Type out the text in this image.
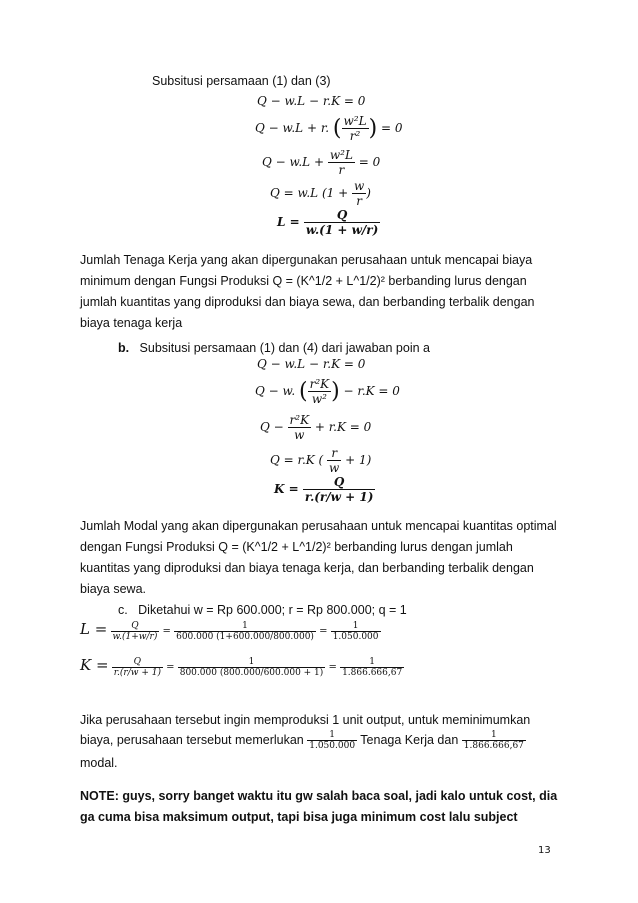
Subsitusi persamaan (1) dan (3)
Q − w.L − r.K = 0
Q − w.L + r. ( $\frac{\text{w²L}}{\text{r²}}$ ) = 0
$Q - w.L + \frac{\text{w²L}}{r} = 0$
Q = w.L ($1 + \frac{w}{r}$ )
$L = \frac{Q}{w.(1 + w/r)}$
Jumlah Tenaga Kerja yang akan dipergunakan perusahaan untuk mencapai biaya minimum dengan Fungsi Produksi Q = (K^1/2 + L^1/2)² berbanding lurus dengan jumlah kuantitas yang diproduksi dan biaya sewa, dan berbanding terbalik dengan biaya tenaga kerja
b. Subsitusi persamaan (1) dan (4) dari jawaban poin a
Q − w.L − r.K = 0
Q − w. ( $\frac{\text{r²K}}{\text{w²}}$ ) − r.K = 0
$Q - \frac{\text{r²K}}{w} + r.K = 0$
Q = r.K ( $\frac{r}{w} + 1$)
$K = \frac{Q}{r.(r/w + 1)}$
Jumlah Modal yang akan dipergunakan perusahaan untuk mencapai kuantitas optimal dengan Fungsi Produksi Q = (K^1/2 + L^1/2)² berbanding lurus dengan jumlah kuantitas yang diproduksi dan biaya tenaga kerja, dan berbanding terbalik dengan biaya sewa.
c. Diketahui w = Rp 600.000; r = Rp 800.000; q = 1
$L = \frac{Q}{w.(1+w/r)} = \frac{1}{600.000 (1+600.000/800.000)} = \frac{1}{1.050.000}$
$K = \frac{Q}{r.(r/w + 1)} = \frac{1}{800.000 (800.000/600.000 + 1)} = \frac{1}{1.866.666,67}$
Jika perusahaan tersebut ingin memproduksi 1 unit output, untuk meminimumkan
biaya, perusahaan tersebut memerlukan $\frac{1}{1.050.000}$ Tenaga Kerja dan $\frac{1}{1.866.666,67}$
modal.
NOTE: guys, sorry banget waktu itu gw salah baca soal, jadi kalo untuk cost, dia ga cuma bisa maksimum output, tapi bisa juga minimum cost lalu subject
13
